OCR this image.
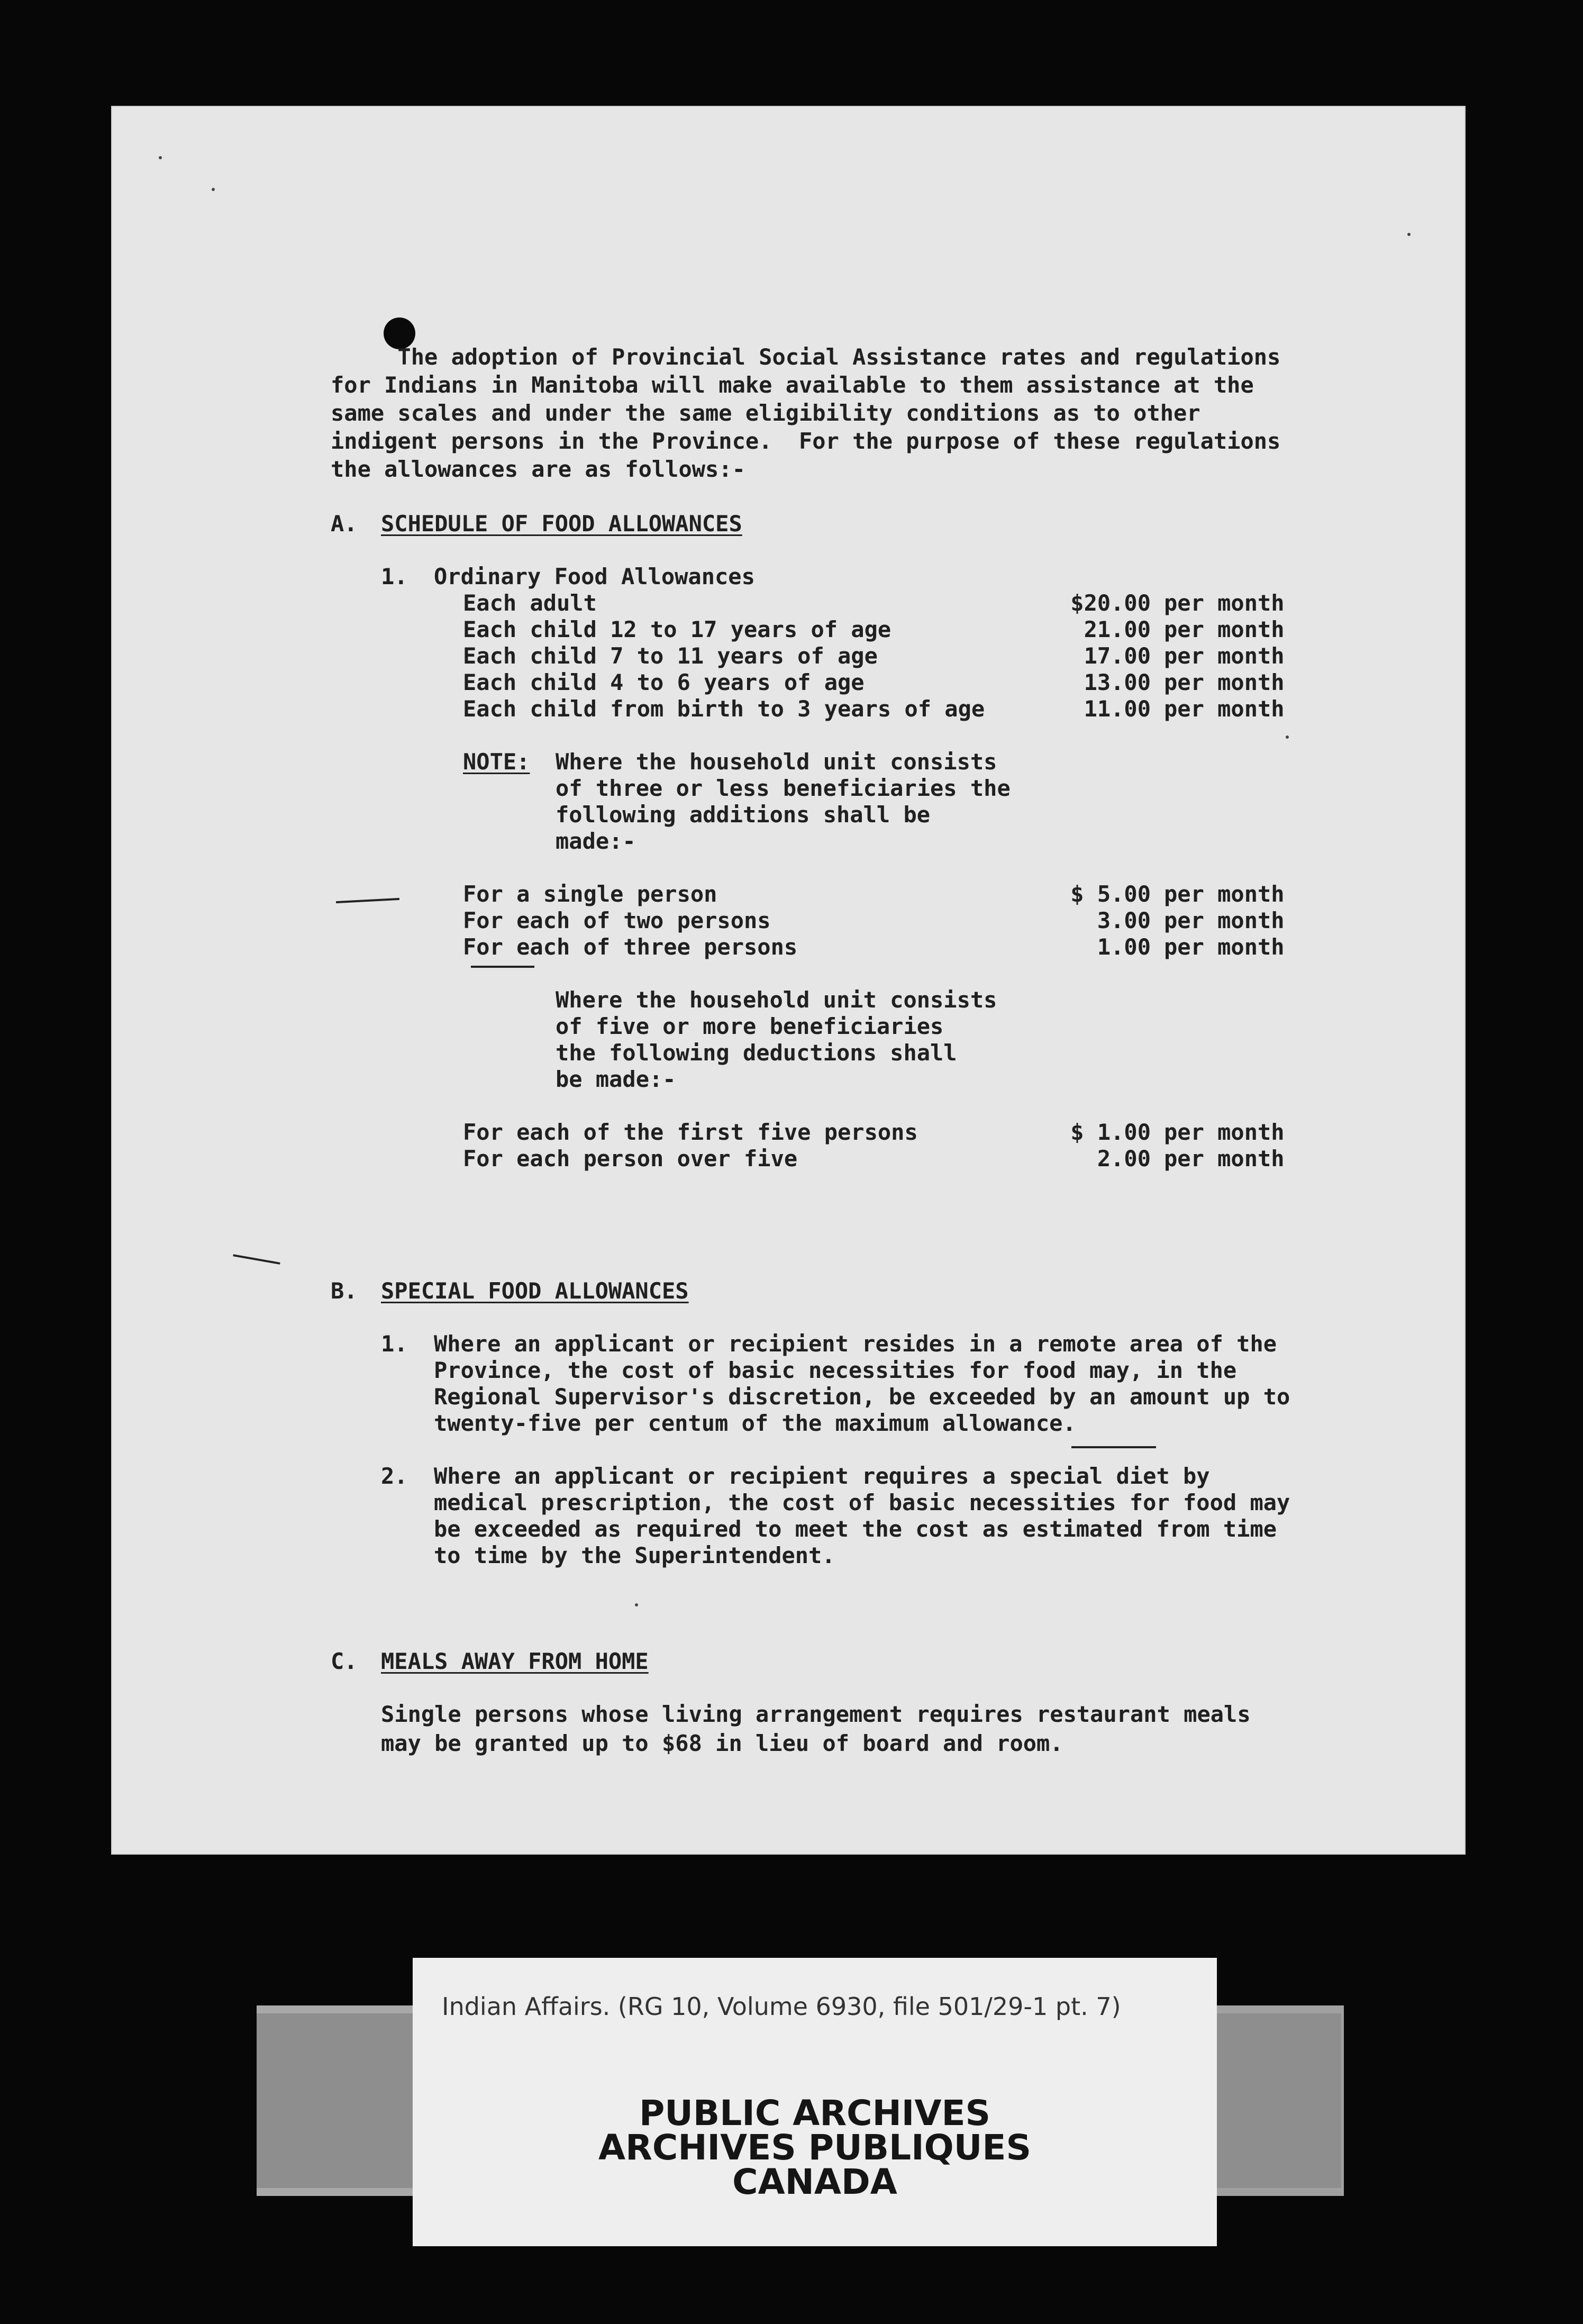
The adoption of Provincial Social Assistance rates and regulations
for Indians in Manitoba will make available to them assistance at the
same scales and under the same eligibility conditions as to other
indigent persons in the Province.  For the purpose of these regulations
the allowances are as follows:-
A. SCHEDULE OF FOOD ALLOWANCES
1. Ordinary Food Allowances
Each adult	$20.00 per month
Each child 12 to 17 years of age	21.00 per month
Each child 7 to 11 years of age	17.00 per month
Each child 4 to 6 years of age	13.00 per month
Each child from birth to 3 years of age	11.00 per month
NOTE: Where the household unit consists
of three or less beneficiaries the
following additions shall be
made:-
For a single person	$ 5.00 per month
For each of two persons	3.00 per month
For each of three persons	1.00 per month
Where the household unit consists
of five or more beneficiaries
the following deductions shall
be made:-
For each of the first five persons	$ 1.00 per month
For each person over five	2.00 per month
B. SPECIAL FOOD ALLOWANCES
1. Where an applicant or recipient resides in a remote area of the
Province, the cost of basic necessities for food may, in the
Regional Supervisor's discretion, be exceeded by an amount up to
twenty-five per centum of the maximum allowance.
2. Where an applicant or recipient requires a special diet by
medical prescription, the cost of basic necessities for food may
be exceeded as required to meet the cost as estimated from time
to time by the Superintendent.
C. MEALS AWAY FROM HOME
Single persons whose living arrangement requires restaurant meals
may be granted up to $68 in lieu of board and room.
Indian Affairs. (RG 10, Volume 6930, file 501/29-1 pt. 7)
PUBLIC ARCHIVES
ARCHIVES PUBLIQUES
CANADA
